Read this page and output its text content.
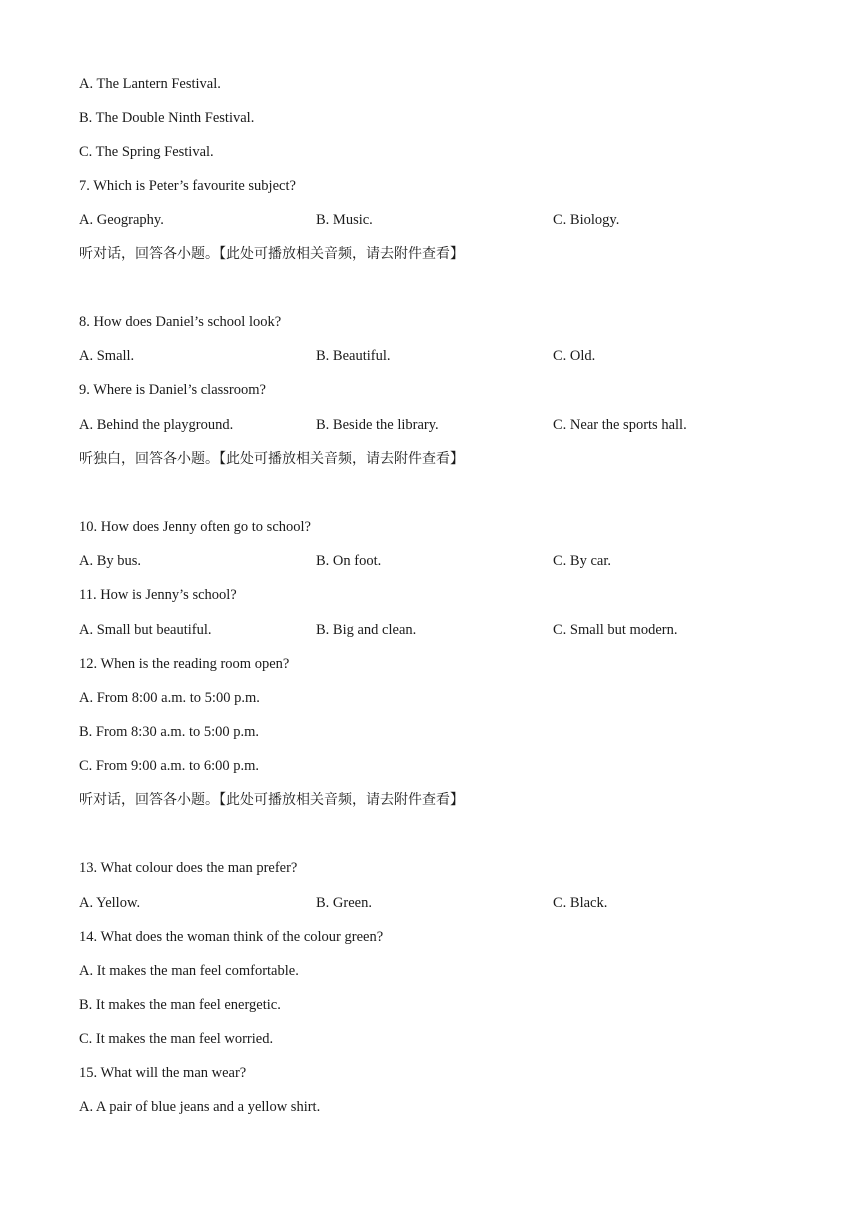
A. The Lantern Festival.
B. The Double Ninth Festival.
C. The Spring Festival.
7. Which is Peter’s favourite subject?
A. Geography.	B. Music.	C. Biology.
听对话，回答各小题。【此处可播放相关音频，请去附件查看】
8. How does Daniel’s school look?
A. Small.	B. Beautiful.	C. Old.
9. Where is Daniel’s classroom?
A. Behind the playground.	B. Beside the library.	C. Near the sports hall.
听独白，回答各小题。【此处可播放相关音频，请去附件查看】
10. How does Jenny often go to school?
A. By bus.	B. On foot.	C. By car.
11. How is Jenny’s school?
A. Small but beautiful.	B. Big and clean.	C. Small but modern.
12. When is the reading room open?
A. From 8:00 a.m. to 5:00 p.m.
B. From 8:30 a.m. to 5:00 p.m.
C. From 9:00 a.m. to 6:00 p.m.
听对话，回答各小题。【此处可播放相关音频，请去附件查看】
13. What colour does the man prefer?
A. Yellow.	B. Green.	C. Black.
14. What does the woman think of the colour green?
A. It makes the man feel comfortable.
B. It makes the man feel energetic.
C. It makes the man feel worried.
15. What will the man wear?
A. A pair of blue jeans and a yellow shirt.
